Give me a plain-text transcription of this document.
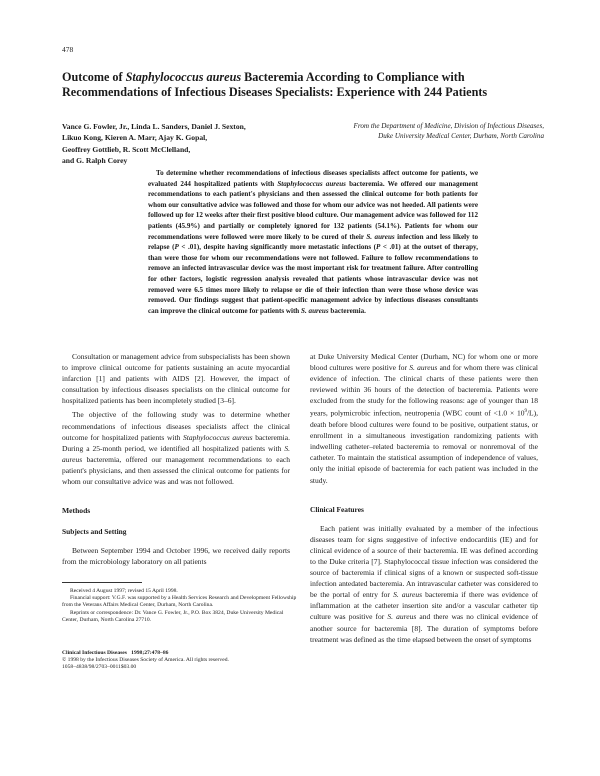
478
Outcome of Staphylococcus aureus Bacteremia According to Compliance with Recommendations of Infectious Diseases Specialists: Experience with 244 Patients
Vance G. Fowler, Jr., Linda L. Sanders, Daniel J. Sexton,
Likuo Kong, Kieren A. Marr, Ajay K. Gopal,
Geoffrey Gottlieb, R. Scott McClelland,
and G. Ralph Corey
From the Department of Medicine, Division of Infectious Diseases,
Duke University Medical Center, Durham, North Carolina

To determine whether recommendations of infectious diseases specialists affect outcome for patients, we evaluated 244 hospitalized patients with Staphylococcus aureus bacteremia. We offered our management recommendations to each patient's physicians and then assessed the clinical outcome for both patients for whom our consultative advice was followed and those for whom our advice was not heeded. All patients were followed up for 12 weeks after their first positive blood culture. Our management advice was followed for 112 patients (45.9%) and partially or completely ignored for 132 patients (54.1%). Patients for whom our recommendations were followed were more likely to be cured of their S. aureus infection and less likely to relapse (P < .01), despite having significantly more metastatic infections (P < .01) at the outset of therapy, than were those for whom our recommendations were not followed. Failure to follow recommendations to remove an infected intravascular device was the most important risk for treatment failure. After controlling for other factors, logistic regression analysis revealed that patients whose intravascular device was not removed were 6.5 times more likely to relapse or die of their infection than were those whose device was removed. Our findings suggest that patient-specific management advice by infectious diseases consultants can improve the clinical outcome for patients with S. aureus bacteremia.

Consultation or management advice from subspecialists has been shown to improve clinical outcome for patients sustaining an acute myocardial infarction [1] and patients with AIDS [2]. However, the impact of consultation by infectious diseases specialists on the clinical outcome for hospitalized patients has been incompletely studied [3–6].

The objective of the following study was to determine whether recommendations of infectious diseases specialists affect the clinical outcome for hospitalized patients with Staphylococcus aureus bacteremia. During a 25-month period, we identified all hospitalized patients with S. aureus bacteremia, offered our management recommendations to each patient's physicians, and then assessed the clinical outcome for patients for whom our consultative advice was and was not followed.

Methods
Subjects and Setting

Between September 1994 and October 1996, we received daily reports from the microbiology laboratory on all patients

Received 4 August 1997; revised 15 April 1998.
Financial support: V.G.F. was supported by a Health Services Research and Development Fellowship from the Veterans Affairs Medical Center, Durham, North Carolina.
Reprints or correspondence: Dr. Vance G. Fowler, Jr., P.O. Box 3824, Duke University Medical Center, Durham, North Carolina 27710.
Clinical Infectious Diseases 1998;27:478–86
© 1998 by the Infectious Diseases Society of America. All rights reserved.
1058–4838/98/2703–0011$03.00

at Duke University Medical Center (Durham, NC) for whom one or more blood cultures were positive for S. aureus and for whom there was clinical evidence of infection. The clinical charts of these patients were then reviewed within 36 hours of the detection of bacteremia. Patients were excluded from the study for the following reasons: age of younger than 18 years, polymicrobic infection, neutropenia (WBC count of $<1.0 \times 10^9/L$), death before blood cultures were found to be positive, outpatient status, or enrollment in a simultaneous investigation randomizing patients with indwelling catheter–related bacteremia to removal or nonremoval of the catheter. To maintain the statistical assumption of independence of values, only the initial episode of bacteremia for each patient was included in the study.

Clinical Features

Each patient was initially evaluated by a member of the infectious diseases team for signs suggestive of infective endocarditis (IE) and for clinical evidence of a source of their bacteremia. IE was defined according to the Duke criteria [7]. Staphylococcal tissue infection was considered the source of bacteremia if clinical signs of a known or suspected soft-tissue infection antedated bacteremia. An intravascular catheter was considered to be the portal of entry for S. aureus bacteremia if there was evidence of inflammation at the catheter insertion site and/or a vascular catheter tip culture was positive for S. aureus and there was no clinical evidence of another source for bacteremia [8]. The duration of symptoms before treatment was defined as the time elapsed between the onset of symptoms
